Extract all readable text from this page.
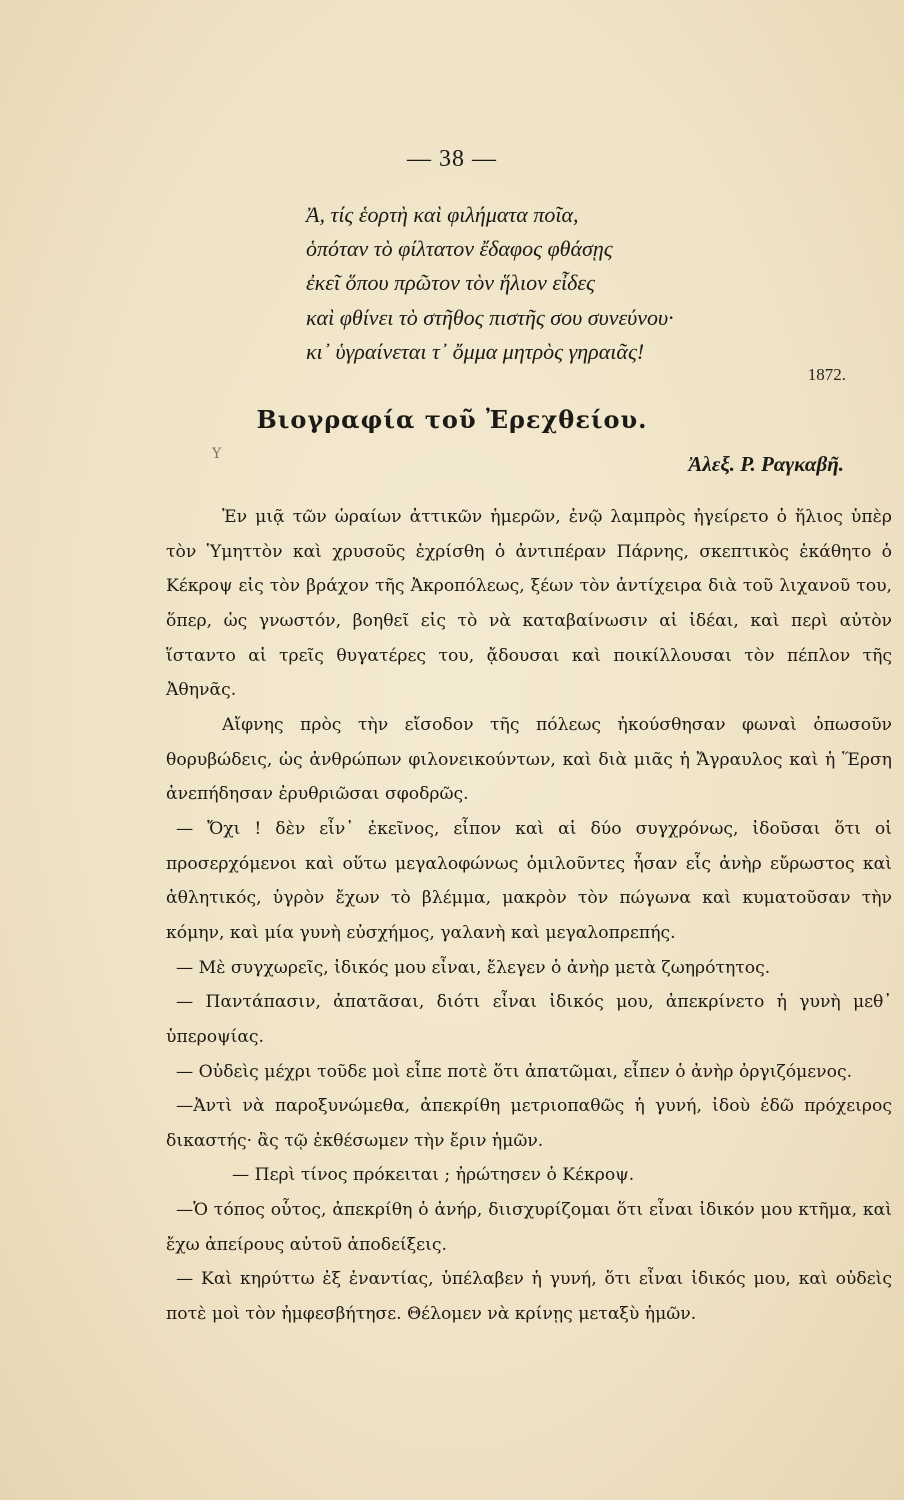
— 38 —
Ἀ, τίς ἑορτὴ καὶ φιλήματα ποῖα,
ὁπόταν τὸ φίλτατον ἔδαφος φθάσῃς
ἐκεῖ ὅπου πρῶτον τὸν ἥλιον εἶδες
καὶ φθίνει τὸ στῆθος πιστῆς σου συνεύνου·
κι᾽ ὑγραίνεται τ᾽ ὄμμα μητρὸς γηραιᾶς!
1872.
Βιογραφία τοῦ Ἐρεχθείου.
Υ	Ἀλεξ. Ρ. Ραγκαβῆ.

Ἐν μιᾷ τῶν ὡραίων ἀττικῶν ἡμερῶν, ἐνῷ λαμπρὸς ἠγείρετο ὁ ἥλιος ὑπὲρ τὸν Ὑμηττὸν καὶ χρυσοῦς ἐχρίσθη ὁ ἀντιπέραν Πάρνης, σκεπτικὸς ἐκάθητο ὁ Κέκροψ εἰς τὸν βράχον τῆς Ἀκροπόλεως, ξέων τὸν ἀντίχειρα διὰ τοῦ λιχανοῦ του, ὅπερ, ὡς γνωστόν, βοηθεῖ εἰς τὸ νὰ καταβαίνωσιν αἱ ἰδέαι, καὶ περὶ αὐτὸν ἵσταντο αἱ τρεῖς θυγατέρες του, ᾄδουσαι καὶ ποικίλλουσαι τὸν πέπλον τῆς Ἀθηνᾶς.

Αἴφνης πρὸς τὴν εἴσοδον τῆς πόλεως ἠκούσθησαν φωναὶ ὁπωσοῦν θορυβώδεις, ὡς ἀνθρώπων φιλονεικούντων, καὶ διὰ μιᾶς ἡ Ἄγραυλος καὶ ἡ Ἕρση ἀνεπήδησαν ἐρυθριῶσαι σφοδρῶς.

— Ὄχι ! δὲν εἶν᾽ ἐκεῖνος, εἶπον καὶ αἱ δύο συγχρόνως, ἰδοῦσαι ὅτι οἱ προσερχόμενοι καὶ οὕτω μεγαλοφώνως ὁμιλοῦντες ἦσαν εἷς ἀνὴρ εὔρωστος καὶ ἀθλητικός, ὑγρὸν ἔχων τὸ βλέμμα, μακρὸν τὸν πώγωνα καὶ κυματοῦσαν τὴν κόμην, καὶ μία γυνὴ εὐσχήμος, γαλανὴ καὶ μεγαλοπρεπής.

— Μὲ συγχωρεῖς, ἰδικός μου εἶναι, ἔλεγεν ὁ ἀνὴρ μετὰ ζωηρότητος.

— Παντάπασιν, ἀπατᾶσαι, διότι εἶναι ἰδικός μου, ἀπεκρίνετο ἡ γυνὴ μεθ᾽ ὑπεροψίας.

— Οὐδεὶς μέχρι τοῦδε μοὶ εἶπε ποτὲ ὅτι ἀπατῶμαι, εἶπεν ὁ ἀνὴρ ὀργιζόμενος.

—Ἀντὶ νὰ παροξυνώμεθα, ἀπεκρίθη μετριοπαθῶς ἡ γυνή, ἰδοὺ ἐδῶ πρόχειρος δικαστής· ἂς τῷ ἐκθέσωμεν τὴν ἔριν ἡμῶν.

— Περὶ τίνος πρόκειται ; ἠρώτησεν ὁ Κέκροψ.

—Ὁ τόπος οὗτος, ἀπεκρίθη ὁ ἀνήρ, διισχυρίζομαι ὅτι εἶναι ἰδικόν μου κτῆμα, καὶ ἔχω ἀπείρους αὐτοῦ ἀποδείξεις.

— Καὶ κηρύττω ἐξ ἐναντίας, ὑπέλαβεν ἡ γυνή, ὅτι εἶναι ἰδικός μου, καὶ οὐδεὶς ποτὲ μοὶ τὸν ἠμφεσβήτησε. Θέλομεν νὰ κρίνῃς μεταξὺ ἡμῶν.
